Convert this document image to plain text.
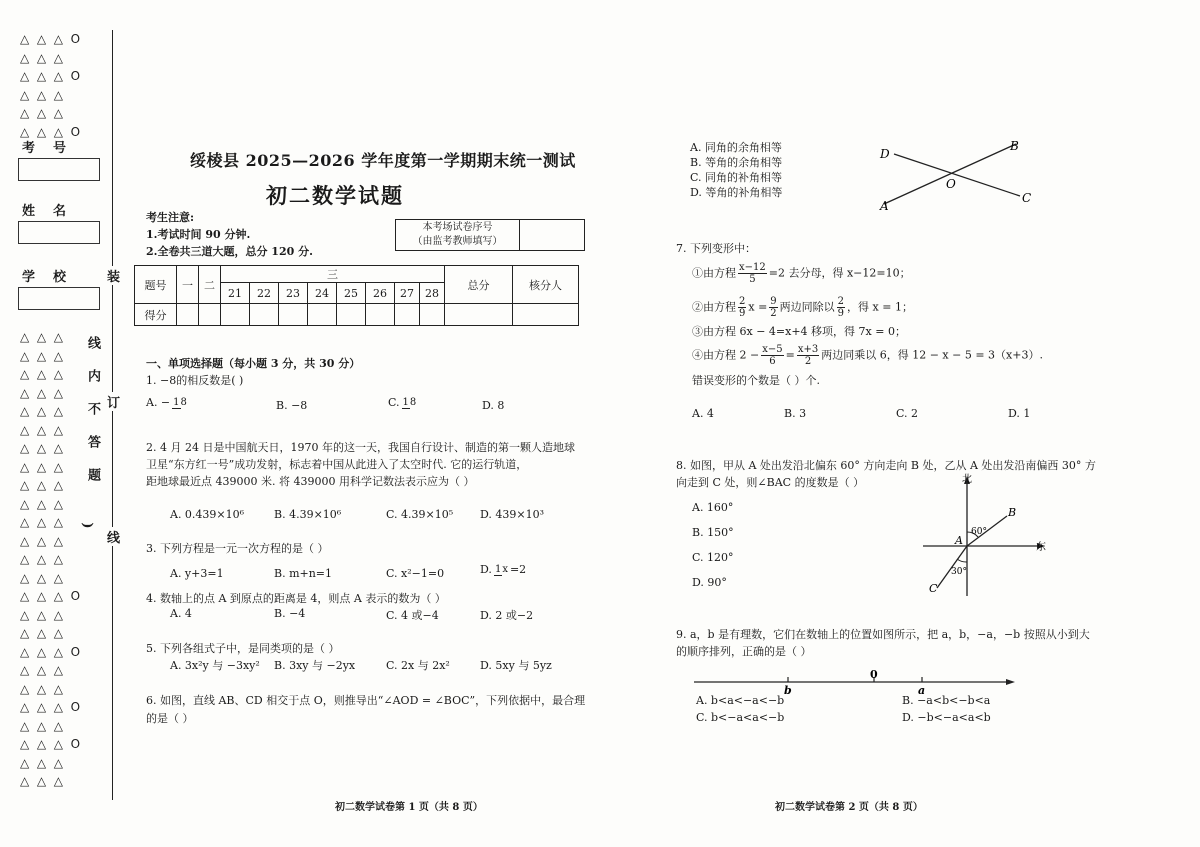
△  △  △  O
△  △  △
△  △  △  O
△  △  △
△  △  △
△  △  △  O
考号
姓名
学校
△  △  △
△  △  △
△  △  △
△  △  △
△  △  △
△  △  △
△  △  △
△  △  △
△  △  △
△  △  △
△  △  △
△  △  △
△  △  △
△  △  △
△  △  △  O
△  △  △
△  △  △
△  △  △  O
△  △  △
△  △  △
△  △  △  O
△  △  △
△  △  △  O
△  △  △
△  △  △
线内不答题
)
装
订
线
绥棱县 2025—2026 学年度第一学期期末统一测试
初二数学试题
考生注意:
1.考试时间 90 分钟.
2.全卷共三道大题，总分 120 分.
本考场试卷序号
（由监考教师填写）
题号	一	二	三								总分	核分人
			21	22	23	24	25	26	27	28		
得分												
一、单项选择题（每小题 3 分，共 30 分）
1. −8的相反数是( )
A. − 18	B. −8	C.18	D. 8
2. 4 月 24 日是中国航天日，1970 年的这一天，我国自行设计、制造的第一颗人造地球
卫星“东方红一号”成功发射，标志着中国从此进入了太空时代. 它的运行轨道，
距地球最近点 439000 米. 将 439000 用科学记数法表示应为（ ）
A. 0.439×10⁶	B. 4.39×10⁶	C. 4.39×10⁵	D. 439×10³
3. 下列方程是一元一次方程的是（ ）
A. y+3=1	B. m+n=1	C. x²−1=0	D.1x =2
4. 数轴上的点 A 到原点的距离是 4，则点 A 表示的数为（ ）
A. 4	B. −4	C. 4 或−4	D. 2 或−2
5. 下列各组式子中，是同类项的是（ ）
A. 3x²y 与 −3xy²	B. 3xy 与 −2yx	C. 2x 与 2x²	D. 5xy 与 5yz
6. 如图，直线 AB、CD 相交于点 O，则推导出“∠AOD = ∠BOC”，下列依据中，最合理
的是（ ）
初二数学试卷第 1 页（共 8 页）
A. 同角的余角相等
B. 等角的余角相等
C. 同角的补角相等
D. 等角的补角相等
D
B
O
A
C
7. 下列变形中：
①由方程 $\frac{x-12}{5} =2$ 去分母，得 x−12=10；
②由方程 $\frac{2}{9}$ $x = \frac{9}{2}$ 两边同除以 $\frac{2}{9}$ ，得 x = 1；
③由方程 6x − 4=x+4 移项，得 7x = 0；
④由方程 $2 - \frac{x-5}{6} = \frac{x+3}{2}$ 两边同乘以 6，得 12 − x − 5 = 3（x+3）.
错误变形的个数是（ ）个.
A. 4	B. 3	C. 2	D. 1
8. 如图，甲从 A 处出发沿北偏东 60° 方向走向 B 处，乙从 A 处出发沿南偏西 30° 方
向走到 C 处，则∠BAC 的度数是（ ）
A. 160°
B. 150°
C. 120°
D. 90°
北
东
B
A
C
60°
30°
9. a，b 是有理数，它们在数轴上的位置如图所示，把 a，b，−a，−b 按照从小到大
的顺序排列，正确的是（ ）
b
0
a
A. b<a<−a<−b	B. −a<b<−b<a
C. b<−a<a<−b	D. −b<−a<a<b
初二数学试卷第 2 页（共 8 页）
